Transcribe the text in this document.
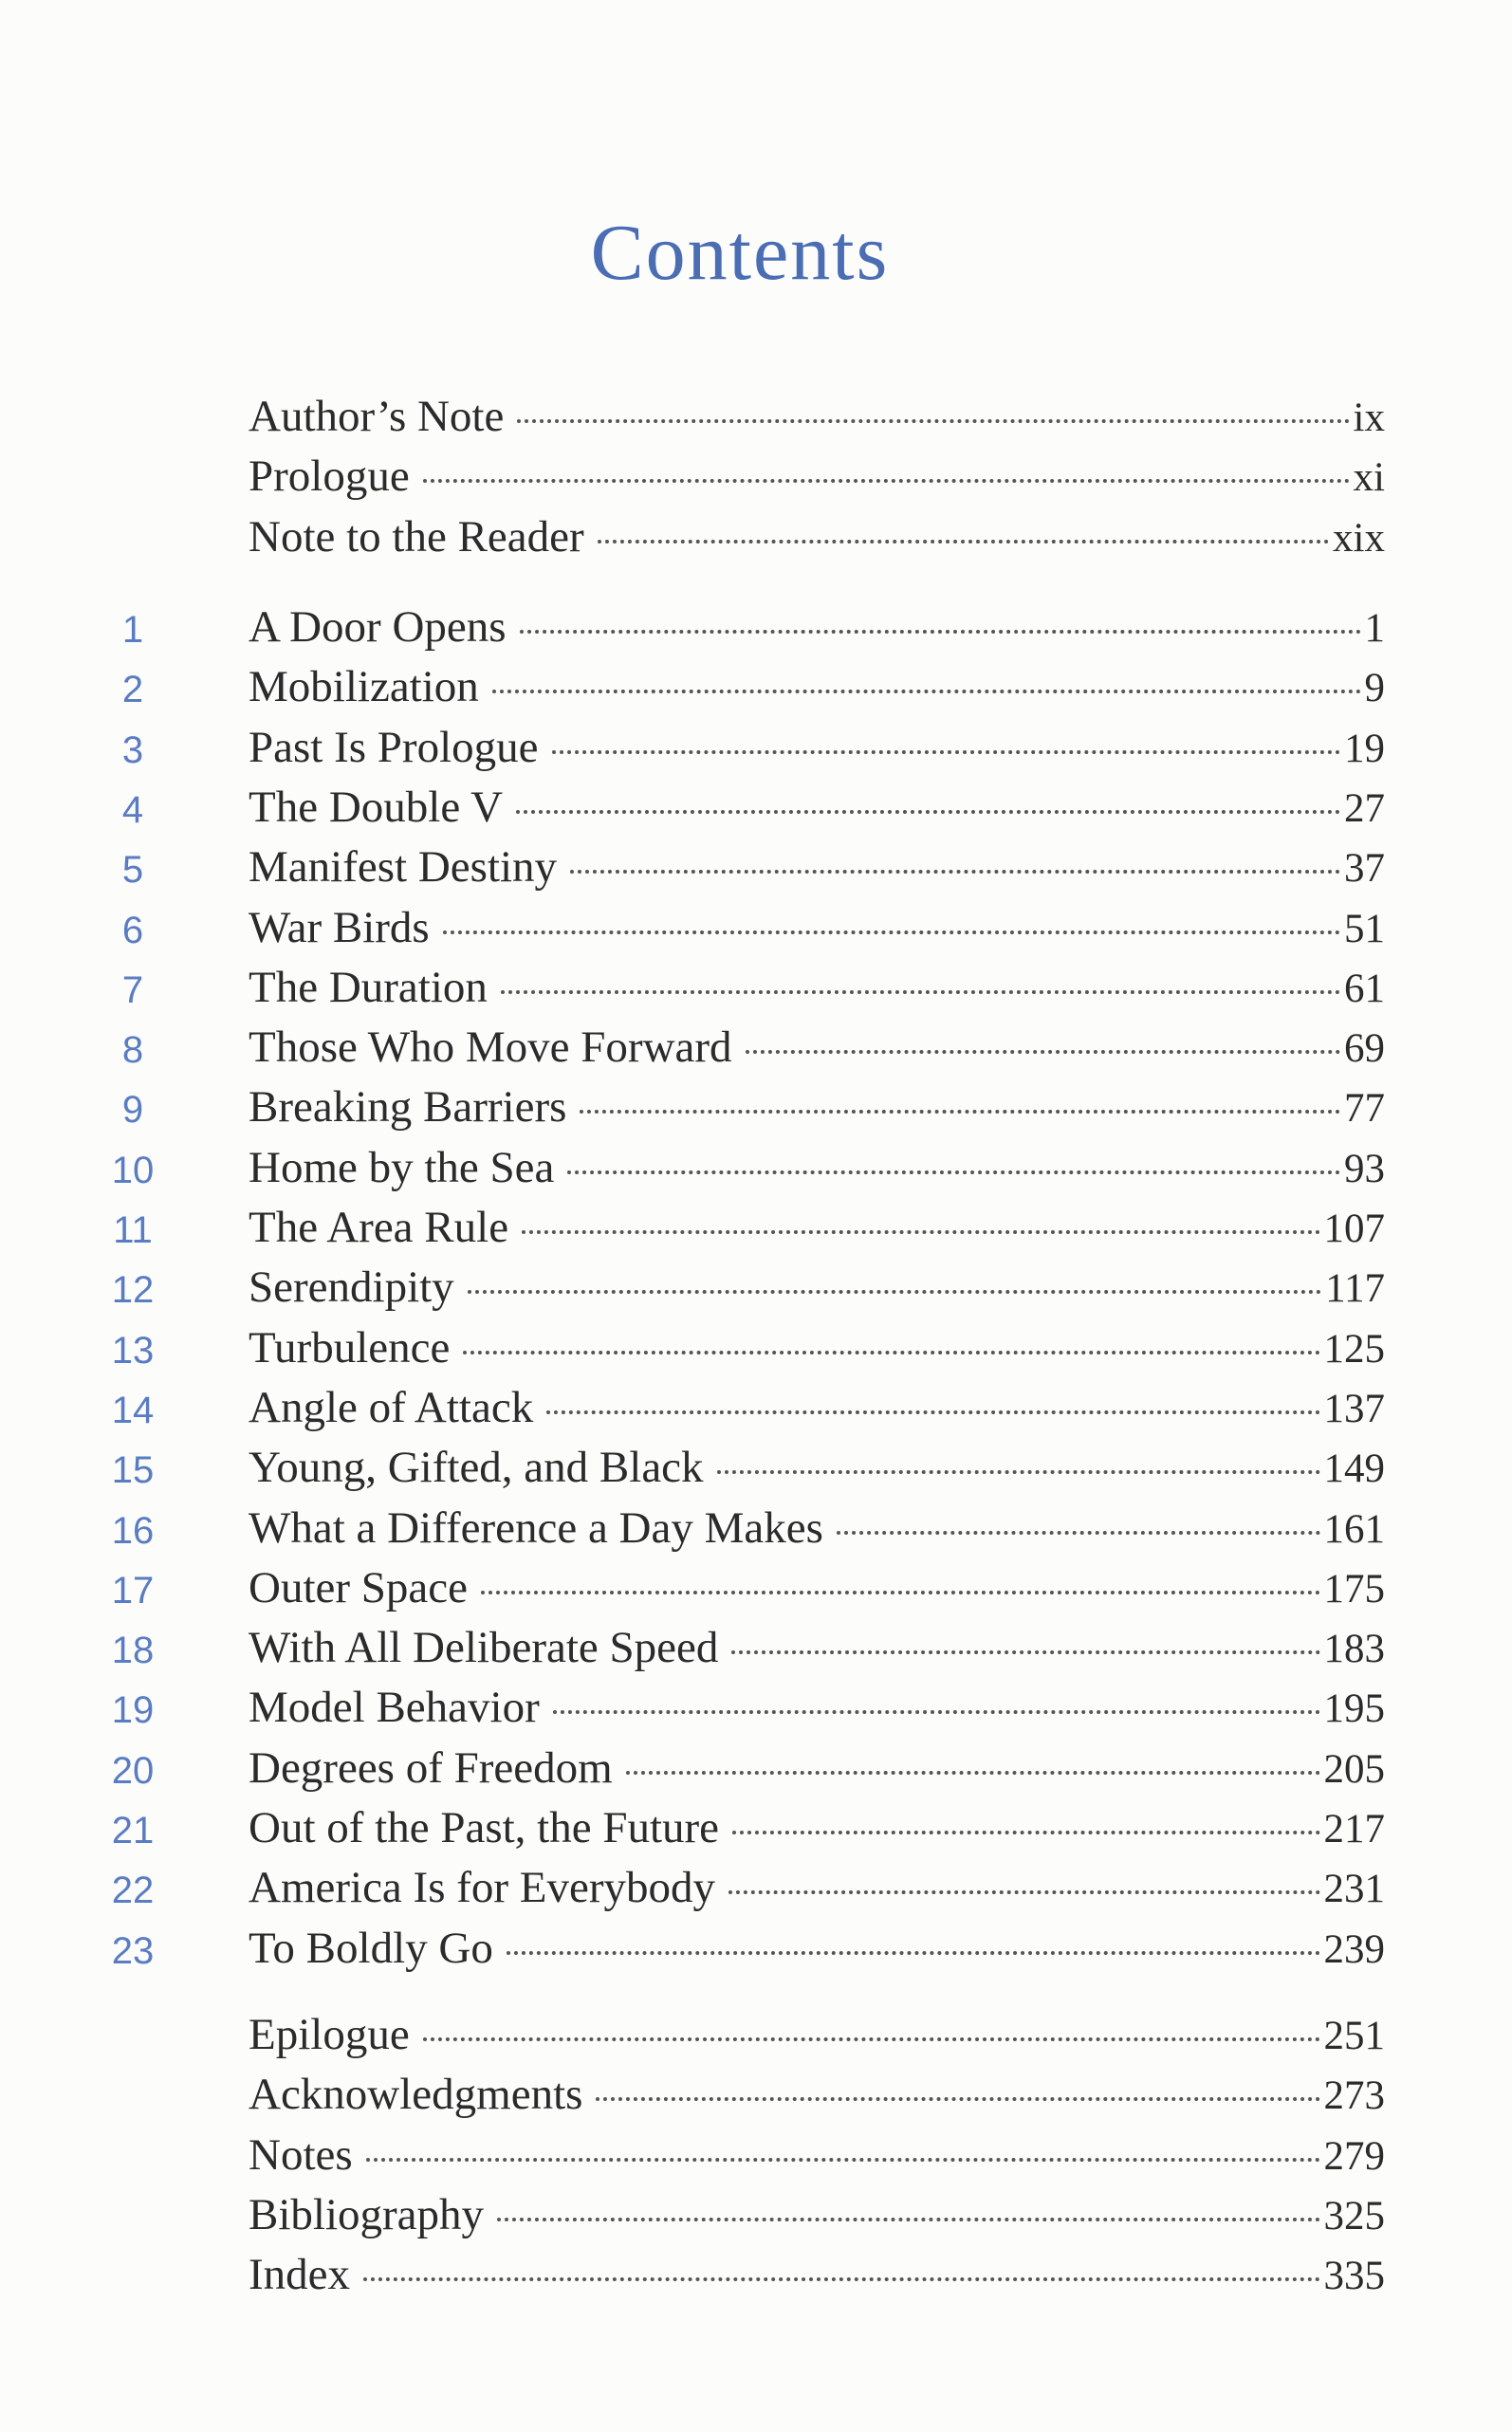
Contents
Author’s Note	ix
Prologue	xi
Note to the Reader	xix
1	A Door Opens	1
2	Mobilization	9
3	Past Is Prologue	19
4	The Double V	27
5	Manifest Destiny	37
6	War Birds	51
7	The Duration	61
8	Those Who Move Forward	69
9	Breaking Barriers	77
10	Home by the Sea	93
11	The Area Rule	107
12	Serendipity	117
13	Turbulence	125
14	Angle of Attack	137
15	Young, Gifted, and Black	149
16	What a Difference a Day Makes	161
17	Outer Space	175
18	With All Deliberate Speed	183
19	Model Behavior	195
20	Degrees of Freedom	205
21	Out of the Past, the Future	217
22	America Is for Everybody	231
23	To Boldly Go	239
Epilogue	251
Acknowledgments	273
Notes	279
Bibliography	325
Index	335
